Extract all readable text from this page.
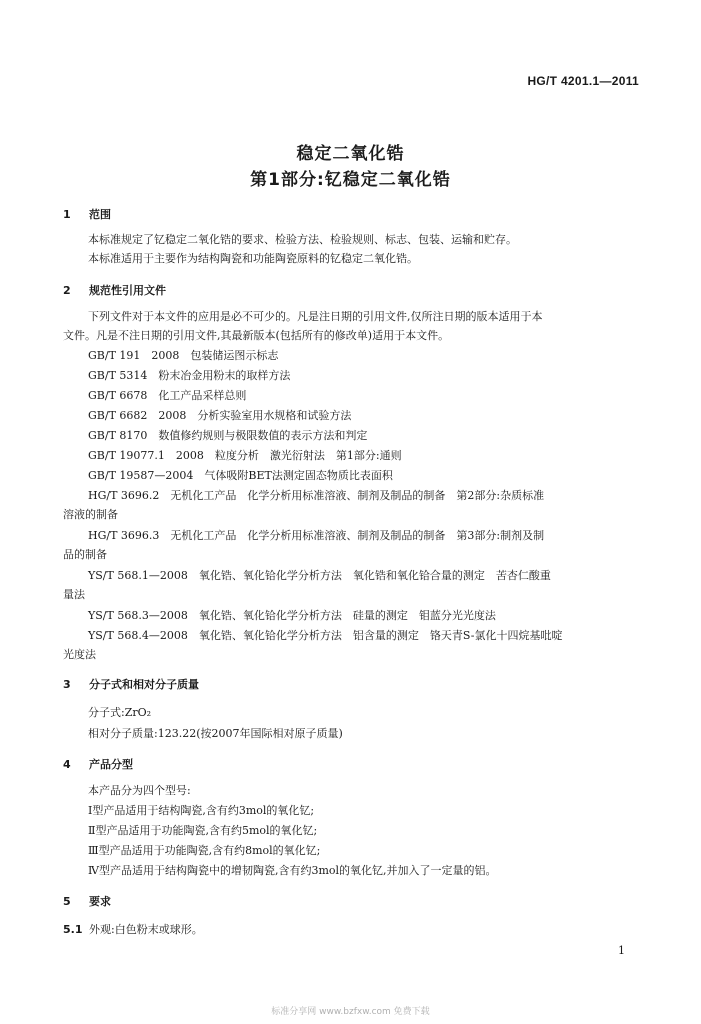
HG/T 4201.1—2011
稳定二氧化锆
第1部分:钇稳定二氧化锆
1 范围
本标准规定了钇稳定二氧化锆的要求、检验方法、检验规则、标志、包装、运输和贮存。
本标准适用于主要作为结构陶瓷和功能陶瓷原料的钇稳定二氧化锆。
2 规范性引用文件
下列文件对于本文件的应用是必不可少的。凡是注日期的引用文件,仅所注日期的版本适用于本
文件。凡是不注日期的引用文件,其最新版本(包括所有的修改单)适用于本文件。
GB/T 191　2008　包装储运图示标志
GB/T 5314　粉末冶金用粉末的取样方法
GB/T 6678　化工产品采样总则
GB/T 6682　2008　分析实验室用水规格和试验方法
GB/T 8170　数值修约规则与极限数值的表示方法和判定
GB/T 19077.1　2008　粒度分析　激光衍射法　第1部分:通则
GB/T 19587—2004　气体吸附BET法测定固态物质比表面积
HG/T 3696.2　无机化工产品　化学分析用标准溶液、制剂及制品的制备　第2部分:杂质标准
溶液的制备
HG/T 3696.3　无机化工产品　化学分析用标准溶液、制剂及制品的制备　第3部分:制剂及制
品的制备
YS/T 568.1—2008　氧化锆、氧化铪化学分析方法　氧化锆和氧化铪合量的测定　苦杏仁酸重
量法
YS/T 568.3—2008　氧化锆、氧化铪化学分析方法　硅量的测定　钼蓝分光光度法
YS/T 568.4—2008　氧化锆、氧化铪化学分析方法　铝含量的测定　铬天青S-氯化十四烷基吡啶
光度法
3 分子式和相对分子质量
分子式:ZrO₂
相对分子质量:123.22(按2007年国际相对原子质量)
4 产品分型
本产品分为四个型号:
Ⅰ型产品适用于结构陶瓷,含有约3mol的氧化钇;
Ⅱ型产品适用于功能陶瓷,含有约5mol的氧化钇;
Ⅲ型产品适用于功能陶瓷,含有约8mol的氧化钇;
Ⅳ型产品适用于结构陶瓷中的增韧陶瓷,含有约3mol的氧化钇,并加入了一定量的铝。
5 要求
5.1 外观:白色粉末或球形。
1
标准分享网 www.bzfxw.com 免费下载
